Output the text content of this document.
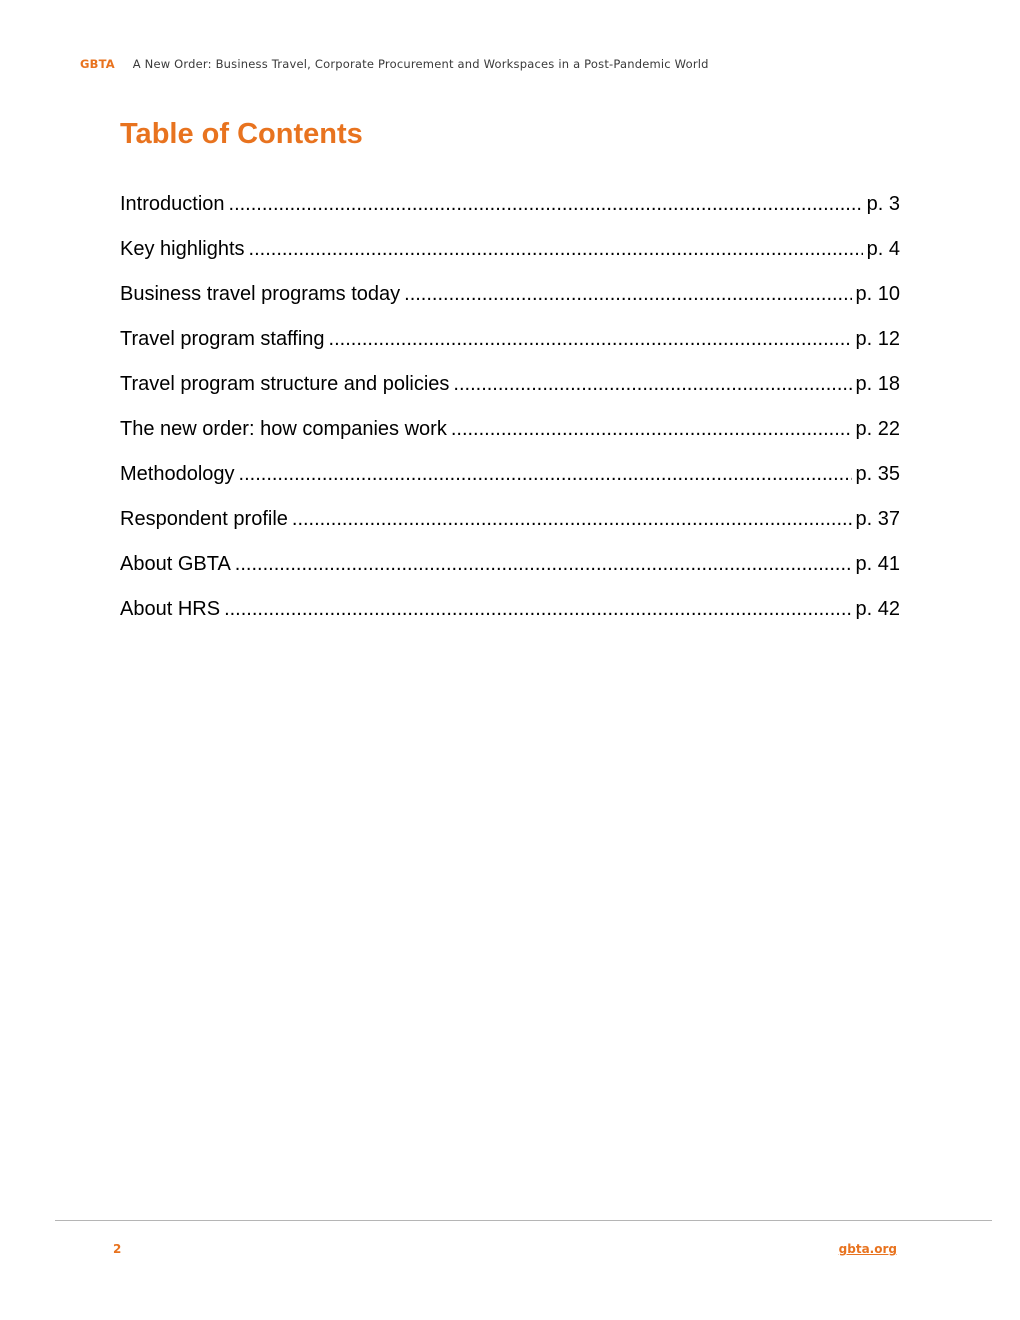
GBTA A New Order: Business Travel, Corporate Procurement and Workspaces in a Post-Pandemic World
Table of Contents
Introduction .....	p. 3
Key highlights .....	p. 4
Business travel programs today .....	p. 10
Travel program staffing .....	p. 12
Travel program structure and policies .....	p. 18
The new order: how companies work .....	p. 22
Methodology .....	p. 35
Respondent profile .....	p. 37
About GBTA .....	p. 41
About HRS .....	p. 42
2	gbta.org
